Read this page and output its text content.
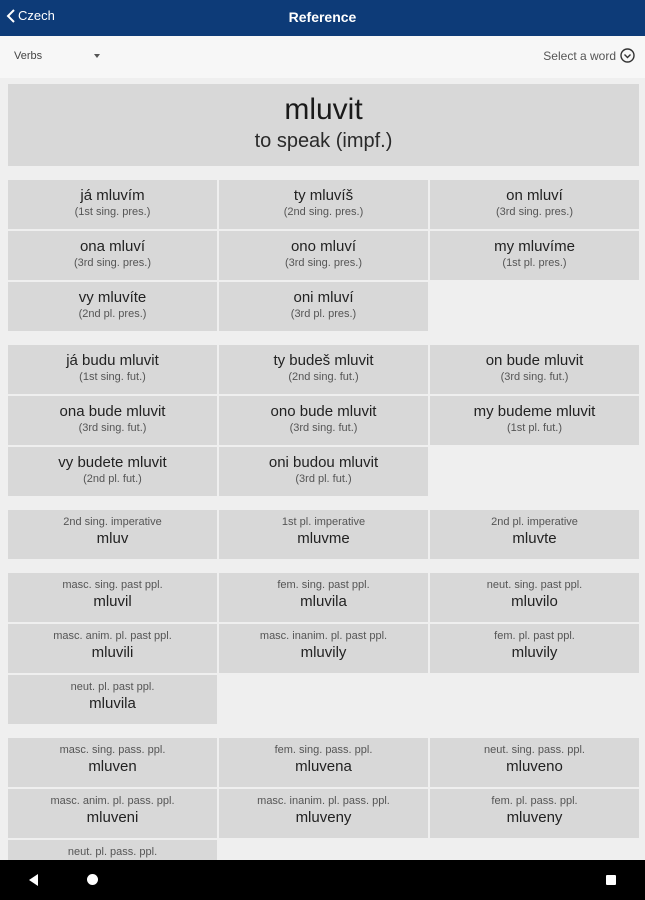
Czech	Reference
Verbs	Select a word
mluvit
to speak (impf.)
já mluvím
(1st sing. pres.)
ty mluvíš
(2nd sing. pres.)
on mluví
(3rd sing. pres.)
ona mluví
(3rd sing. pres.)
ono mluví
(3rd sing. pres.)
my mluvíme
(1st pl. pres.)
vy mluvíte
(2nd pl. pres.)
oni mluví
(3rd pl. pres.)
já budu mluvit
(1st sing. fut.)
ty budeš mluvit
(2nd sing. fut.)
on bude mluvit
(3rd sing. fut.)
ona bude mluvit
(3rd sing. fut.)
ono bude mluvit
(3rd sing. fut.)
my budeme mluvit
(1st pl. fut.)
vy budete mluvit
(2nd pl. fut.)
oni budou mluvit
(3rd pl. fut.)
2nd sing. imperative
mluv
1st pl. imperative
mluvme
2nd pl. imperative
mluvte
masc. sing. past ppl.
mluvil
fem. sing. past ppl.
mluvila
neut. sing. past ppl.
mluvilo
masc. anim. pl. past ppl.
mluvili
masc. inanim. pl. past ppl.
mluvily
fem. pl. past ppl.
mluvily
neut. pl. past ppl.
mluvila
masc. sing. pass. ppl.
mluven
fem. sing. pass. ppl.
mluvena
neut. sing. pass. ppl.
mluveno
masc. anim. pl. pass. ppl.
mluveni
masc. inanim. pl. pass. ppl.
mluveny
fem. pl. pass. ppl.
mluveny
neut. pl. pass. ppl.
